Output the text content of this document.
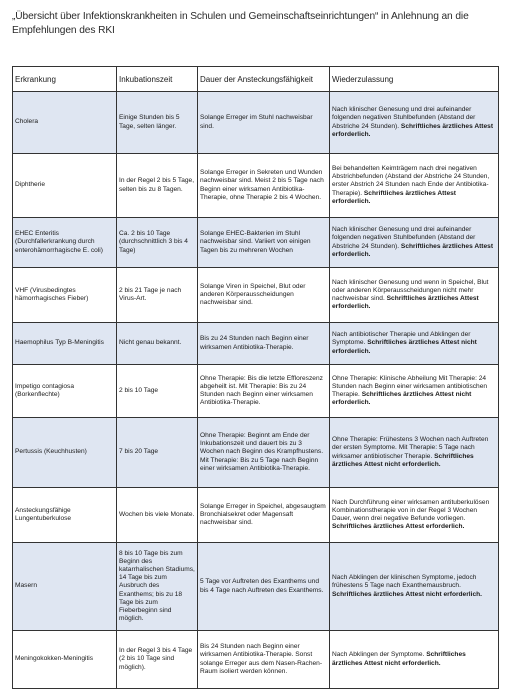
„Übersicht über Infektionskrankheiten in Schulen und Gemeinschaftseinrichtungen“ in Anlehnung an die Empfehlungen des RKI
Erkrankung	Inkubationszeit	Dauer der Ansteckungsfähigkeit	Wiederzulassung
Cholera	Einige Stunden bis 5 Tage, selten länger.	Solange Erreger im Stuhl nachweisbar sind.	Nach klinischer Genesung und drei aufeinander folgenden negativen Stuhlbefunden (Abstand der Abstriche 24 Stunden). Schriftliches ärztliches Attest erforderlich.
Diphtherie	In der Regel 2 bis 5 Tage, selten bis zu 8 Tagen.	Solange Erreger in Sekreten und Wunden nachweisbar sind. Meist 2 bis 5 Tage nach Beginn einer wirksamen Antibiotika-Therapie, ohne Therapie 2 bis 4 Wochen.	Bei behandelten Keimträgern nach drei negativen Abstrichbefunden (Abstand der Abstriche 24 Stunden, erster Abstrich 24 Stunden nach Ende der Antibiotika-Therapie). Schriftliches ärztliches Attest erforderlich.
EHEC Enteritis (Durchfallerkrankung durch enterohämorrhagische E. coli)	Ca. 2 bis 10 Tage (durchschnittlich 3 bis 4 Tage)	Solange EHEC-Bakterien im Stuhl nachweisbar sind. Variiert von einigen Tagen bis zu mehreren Wochen	Nach klinischer Genesung und drei aufeinander folgenden negativen Stuhlbefunden (Abstand der Abstriche 24 Stunden). Schriftliches ärztliches Attest erforderlich.
VHF (Virusbedingtes hämorrhagisches Fieber)	2 bis 21 Tage je nach Virus-Art.	Solange Viren in Speichel, Blut oder anderen Körperausscheidungen nachweisbar sind.	Nach klinischer Genesung und wenn in Speichel, Blut oder anderen Körperausscheidungen nicht mehr nachweisbar sind. Schriftliches ärztliches Attest erforderlich.
Haemophilus Typ B-Meningitis	Nicht genau bekannt.	Bis zu 24 Stunden nach Beginn einer wirksamen Antibiotika-Therapie.	Nach antibiotischer Therapie und Abklingen der Symptome. Schriftliches ärztliches Attest nicht erforderlich.
Impetigo contagiosa (Borkenflechte)	2 bis 10 Tage	Ohne Therapie: Bis die letzte Effloreszenz abgeheilt ist. Mit Therapie: Bis zu 24 Stunden nach Beginn einer wirksamen Antibiotika-Therapie.	Ohne Therapie: Klinische Abheilung Mit Therapie: 24 Stunden nach Beginn einer wirksamen antibiotischen Therapie. Schriftliches ärztliches Attest nicht erforderlich.
Pertussis (Keuchhusten)	7 bis 20 Tage	Ohne Therapie: Beginnt am Ende der Inkubationszeit und dauert bis zu 3 Wochen nach Beginn des Krampfhustens. Mit Therapie: Bis zu 5 Tage nach Beginn einer wirksamen Antibiotika-Therapie.	Ohne Therapie: Frühestens 3 Wochen nach Auftreten der ersten Symptome. Mit Therapie: 5 Tage nach wirksamer antibiotischer Therapie. Schriftliches ärztliches Attest nicht erforderlich.
Ansteckungsfähige Lungentuberkulose	Wochen bis viele Monate.	Solange Erreger in Speichel, abgesaugtem Bronchialsekret oder Magensaft nachweisbar sind.	Nach Durchführung einer wirksamen antituberkulösen Kombinationstherapie von in der Regel 3 Wochen Dauer, wenn drei negative Befunde vorliegen. Schriftliches ärztliches Attest erforderlich.
Masern	8 bis 10 Tage bis zum Beginn des katarrhalischen Stadiums, 14 Tage bis zum Ausbruch des Exanthems; bis zu 18 Tage bis zum Fieberbeginn sind möglich.	5 Tage vor Auftreten des Exanthems und bis 4 Tage nach Auftreten des Exanthems.	Nach Abklingen der klinischen Symptome, jedoch frühestens 5 Tage nach Exanthemausbruch. Schriftliches ärztliches Attest nicht erforderlich.
Meningokokken-Meningitis	In der Regel 3 bis 4 Tage (2 bis 10 Tage sind möglich).	Bis 24 Stunden nach Beginn einer wirksamen Antibiotika-Therapie. Sonst solange Erreger aus dem Nasen-Rachen-Raum isoliert werden können.	Nach Abklingen der Symptome. Schriftliches ärztliches Attest nicht erforderlich.
